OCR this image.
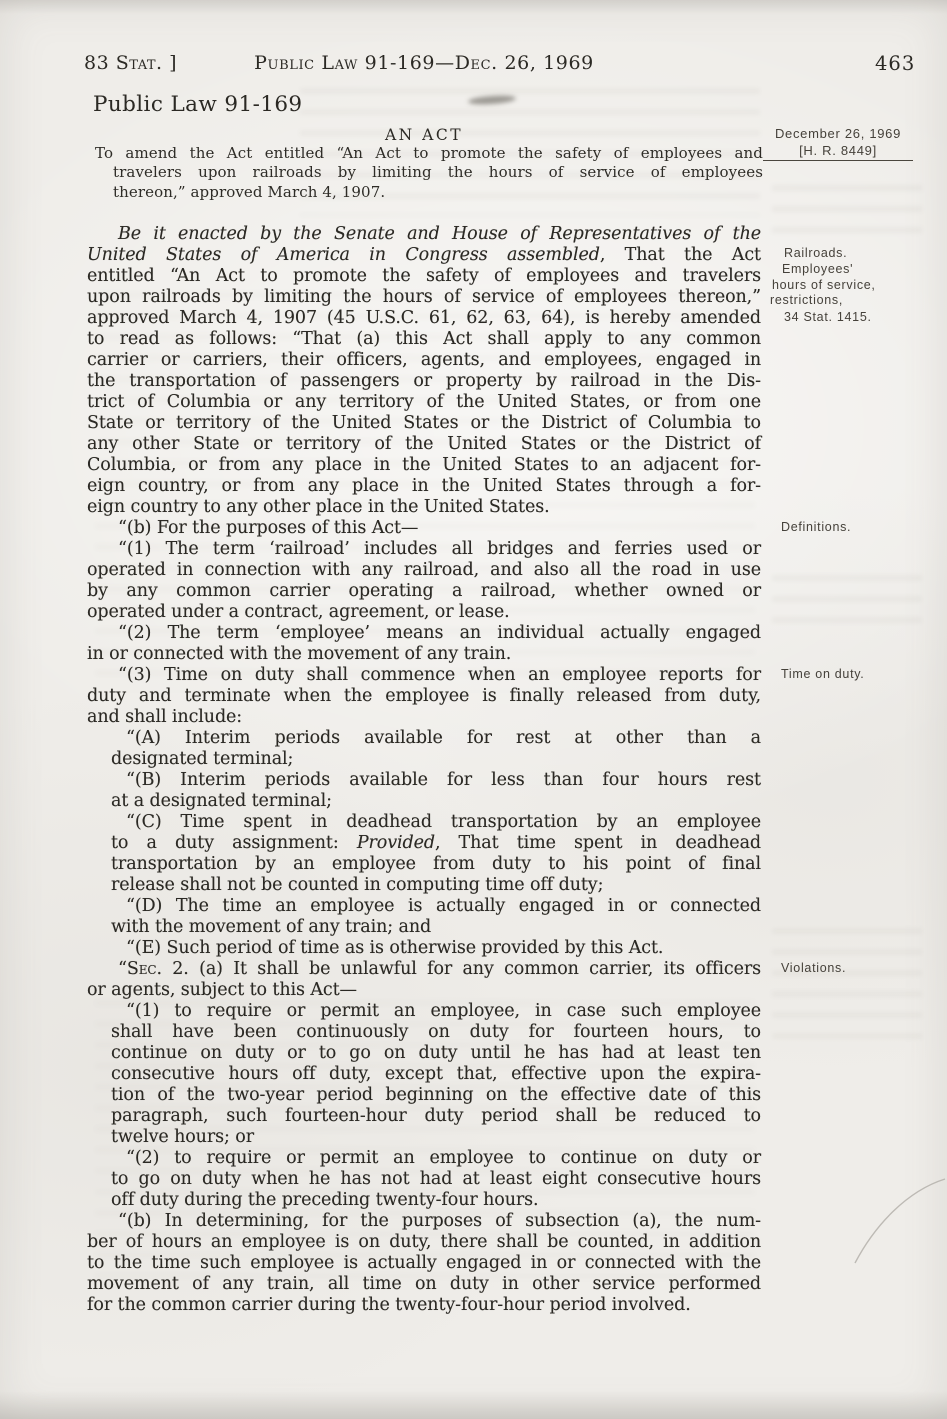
83 Stat. ]	Public Law 91-169—Dec. 26, 1969	463
Public Law 91-169
AN ACT
To amend the Act entitled “An Act to promote the safety of employees and
travelers upon railroads by limiting the hours of service of employees
thereon,” approved March 4, 1907.
December 26, 1969
[H. R. 8449]
Railroads.
Employees'
hours of service,
restrictions,
34 Stat. 1415.
Definitions.
Time on duty.
Violations.
Be it enacted by the Senate and House of Representatives of the
United States of America in Congress assembled, That the Act
entitled “An Act to promote the safety of employees and travelers
upon railroads by limiting the hours of service of employees thereon,”
approved March 4, 1907 (45 U.S.C. 61, 62, 63, 64), is hereby amended
to read as follows: “That (a) this Act shall apply to any common
carrier or carriers, their officers, agents, and employees, engaged in
the transportation of passengers or property by railroad in the Dis-
trict of Columbia or any territory of the United States, or from one
State or territory of the United States or the District of Columbia to
any other State or territory of the United States or the District of
Columbia, or from any place in the United States to an adjacent for-
eign country, or from any place in the United States through a for-
eign country to any other place in the United States.
“(b) For the purposes of this Act—
“(1) The term ‘railroad’ includes all bridges and ferries used or
operated in connection with any railroad, and also all the road in use
by any common carrier operating a railroad, whether owned or
operated under a contract, agreement, or lease.
“(2) The term ‘employee’ means an individual actually engaged
in or connected with the movement of any train.
“(3) Time on duty shall commence when an employee reports for
duty and terminate when the employee is finally released from duty,
and shall include:
“(A) Interim periods available for rest at other than a
designated terminal;
“(B) Interim periods available for less than four hours rest
at a designated terminal;
“(C) Time spent in deadhead transportation by an employee
to a duty assignment: Provided, That time spent in deadhead
transportation by an employee from duty to his point of final
release shall not be counted in computing time off duty;
“(D) The time an employee is actually engaged in or connected
with the movement of any train; and
“(E) Such period of time as is otherwise provided by this Act.
“Sec. 2. (a) It shall be unlawful for any common carrier, its officers
or agents, subject to this Act—
“(1) to require or permit an employee, in case such employee
shall have been continuously on duty for fourteen hours, to
continue on duty or to go on duty until he has had at least ten
consecutive hours off duty, except that, effective upon the expira-
tion of the two-year period beginning on the effective date of this
paragraph, such fourteen-hour duty period shall be reduced to
twelve hours; or
“(2) to require or permit an employee to continue on duty or
to go on duty when he has not had at least eight consecutive hours
off duty during the preceding twenty-four hours.
“(b) In determining, for the purposes of subsection (a), the num-
ber of hours an employee is on duty, there shall be counted, in addition
to the time such employee is actually engaged in or connected with the
movement of any train, all time on duty in other service performed
for the common carrier during the twenty-four-hour period involved.
